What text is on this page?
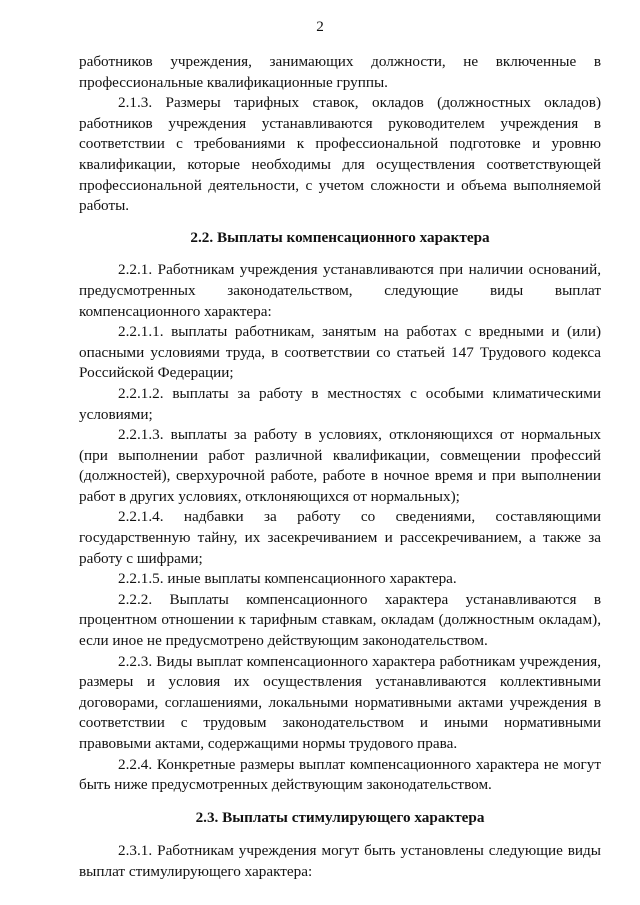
2

работников учреждения, занимающих должности, не включенные в профессиональные квалификационные группы.

2.1.3. Размеры тарифных ставок, окладов (должностных окладов) работников учреждения устанавливаются руководителем учреждения в соответствии с требованиями к профессиональной подготовке и уровню квалификации, которые необходимы для осуществления соответствующей профессиональной деятельности, с учетом сложности и объема выполняемой работы.

2.2. Выплаты компенсационного характера

2.2.1. Работникам учреждения устанавливаются при наличии оснований, предусмотренных законодательством, следующие виды выплат компенсационного характера:

2.2.1.1. выплаты работникам, занятым на работах с вредными и (или) опасными условиями труда, в соответствии со статьей 147 Трудового кодекса Российской Федерации;

2.2.1.2. выплаты за работу в местностях с особыми климатическими условиями;

2.2.1.3. выплаты за работу в условиях, отклоняющихся от нормальных (при выполнении работ различной квалификации, совмещении профессий (должностей), сверхурочной работе, работе в ночное время и при выполнении работ в других условиях, отклоняющихся от нормальных);

2.2.1.4. надбавки за работу со сведениями, составляющими государственную тайну, их засекречиванием и рассекречиванием, а также за работу с шифрами;

2.2.1.5. иные выплаты компенсационного характера.

2.2.2. Выплаты компенсационного характера устанавливаются в процентном отношении к тарифным ставкам, окладам (должностным окладам), если иное не предусмотрено действующим законодательством.

2.2.3. Виды выплат компенсационного характера работникам учреждения, размеры и условия их осуществления устанавливаются коллективными договорами, соглашениями, локальными нормативными актами учреждения в соответствии с трудовым законодательством и иными нормативными правовыми актами, содержащими нормы трудового права.

2.2.4. Конкретные размеры выплат компенсационного характера не могут быть ниже предусмотренных действующим законодательством.

2.3. Выплаты стимулирующего характера

2.3.1. Работникам учреждения могут быть установлены следующие виды выплат стимулирующего характера:
